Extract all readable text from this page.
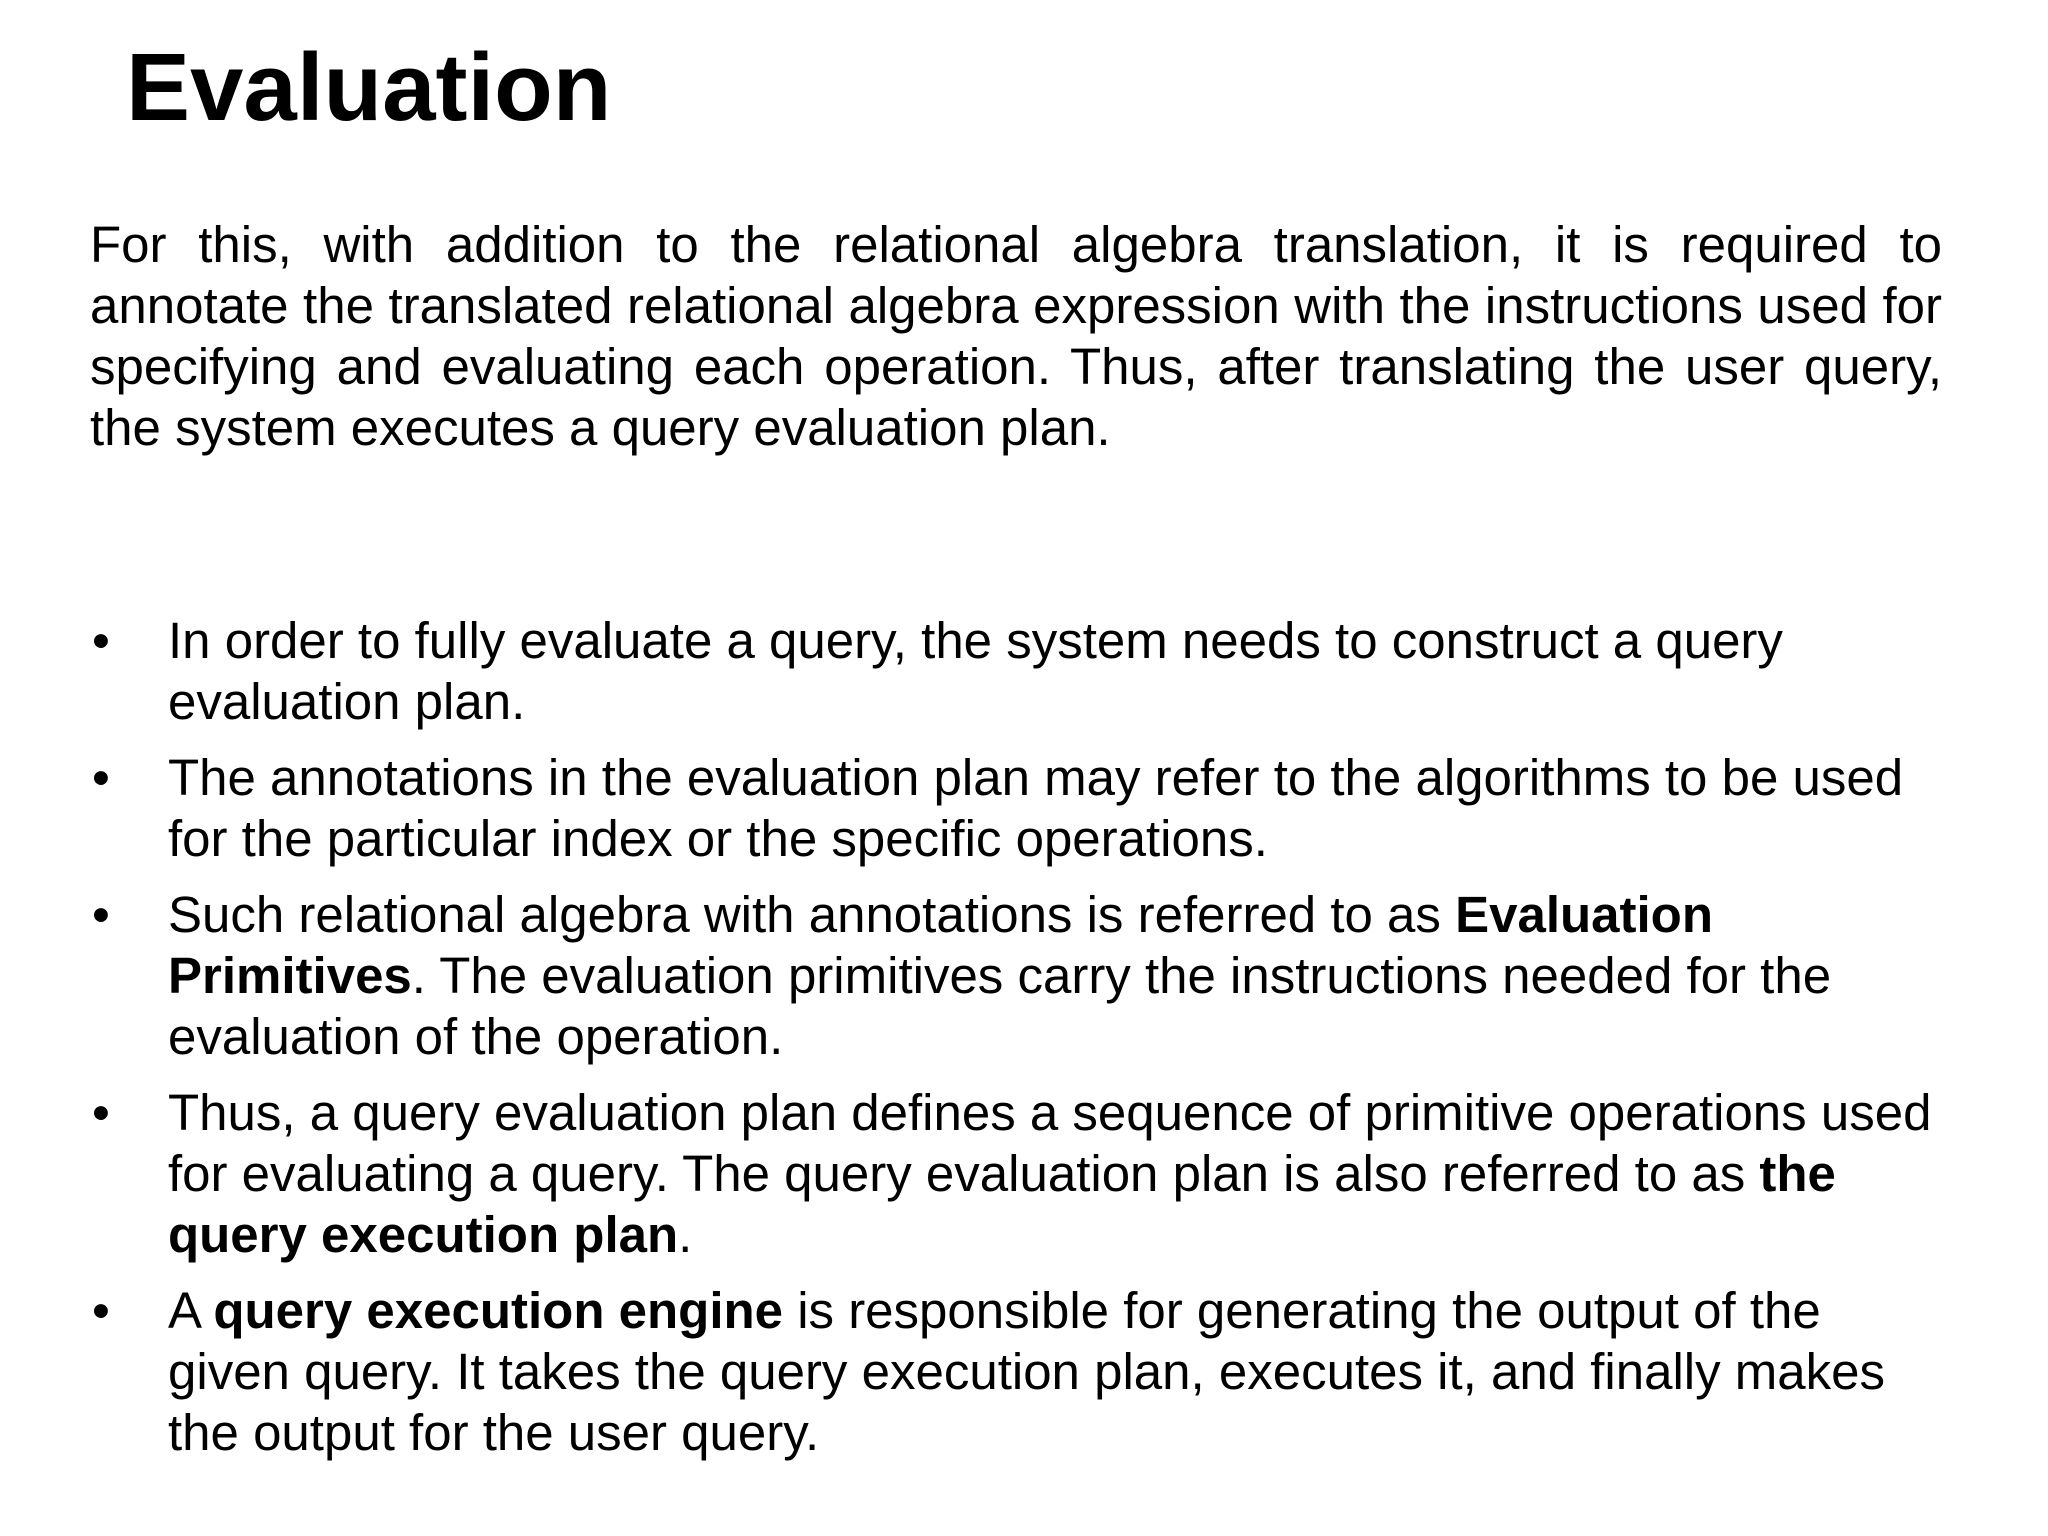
Evaluation

For this, with addition to the relational algebra translation, it is required to annotate the translated relational algebra expression with the instructions used for specifying and evaluating each operation. Thus, after translating the user query, the system executes a query evaluation plan.

•	In order to fully evaluate a query, the system needs to construct a query evaluation plan.
•	The annotations in the evaluation plan may refer to the algorithms to be used for the particular index or the specific operations.
•	Such relational algebra with annotations is referred to as Evaluation Primitives. The evaluation primitives carry the instructions needed for the evaluation of the operation.
•	Thus, a query evaluation plan defines a sequence of primitive operations used for evaluating a query. The query evaluation plan is also referred to as the query execution plan.
•	A query execution engine is responsible for generating the output of the given query. It takes the query execution plan, executes it, and finally makes the output for the user query.
